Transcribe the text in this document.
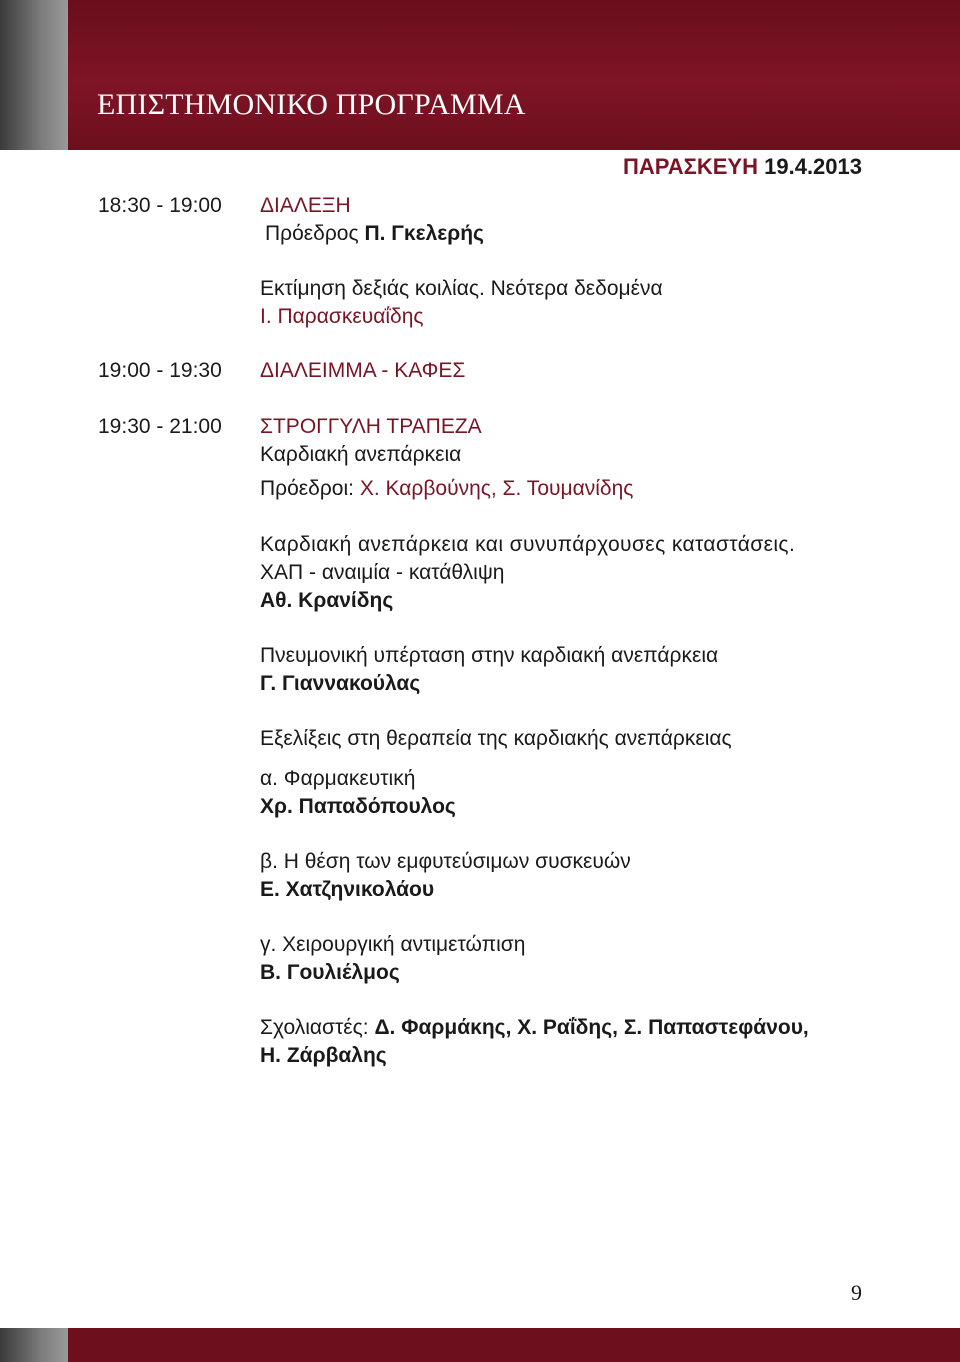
ΕΠΙΣΤΗΜΟΝΙΚΟ ΠΡΟΓΡΑΜΜΑ
ΠΑΡΑΣΚΕΥΗ 19.4.2013
18:30 - 19:00 ΔΙΑΛΕΞΗ
Πρόεδρος Π. Γκελερής
Εκτίμηση δεξιάς κοιλίας. Νεότερα δεδομένα
Ι. Παρασκευαΐδης
19:00 - 19:30 ΔΙΑΛΕΙΜΜΑ - ΚΑΦΕΣ
19:30 - 21:00 ΣΤΡΟΓΓΥΛΗ ΤΡΑΠΕΖΑ
Καρδιακή ανεπάρκεια
Πρόεδροι: Χ. Καρβούνης, Σ. Τουμανίδης
Καρδιακή ανεπάρκεια και συνυπάρχουσες καταστάσεις.
ΧΑΠ - αναιμία - κατάθλιψη
Αθ. Κρανίδης
Πνευμονική υπέρταση στην καρδιακή ανεπάρκεια
Γ. Γιαννακούλας
Εξελίξεις στη θεραπεία της καρδιακής ανεπάρκειας
α. Φαρμακευτική
Χρ. Παπαδόπουλος
β. Η θέση των εμφυτεύσιμων συσκευών
Ε. Χατζηνικολάου
γ. Χειρουργική αντιμετώπιση
Β. Γουλιέλμος
Σχολιαστές: Δ. Φαρμάκης, Χ. Ραΐδης, Σ. Παπαστεφάνου,
Η. Ζάρβαλης
9
